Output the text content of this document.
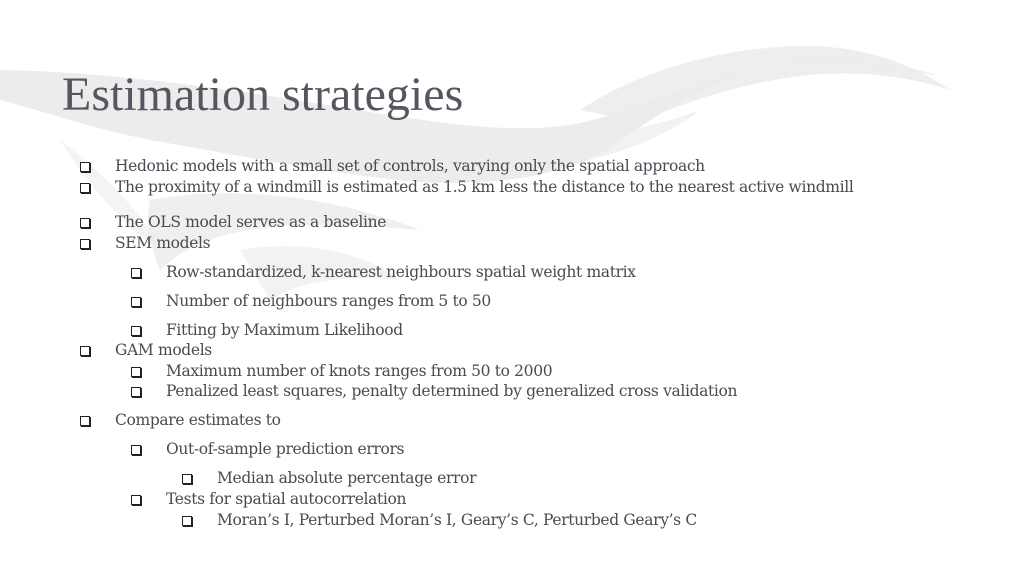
Estimation strategies
Hedonic models with a small set of controls, varying only the spatial approach
The proximity of a windmill is estimated as 1.5 km less the distance to the nearest active windmill
The OLS model serves as a baseline
SEM models
Row-standardized, k-nearest neighbours spatial weight matrix
Number of neighbours ranges from 5 to 50
Fitting by Maximum Likelihood
GAM models
Maximum number of knots ranges from 50 to 2000
Penalized least squares, penalty determined by generalized cross validation
Compare estimates to
Out-of-sample prediction errors
Median absolute percentage error
Tests for spatial autocorrelation
Moran’s I, Perturbed Moran’s I, Geary’s C, Perturbed Geary’s C
